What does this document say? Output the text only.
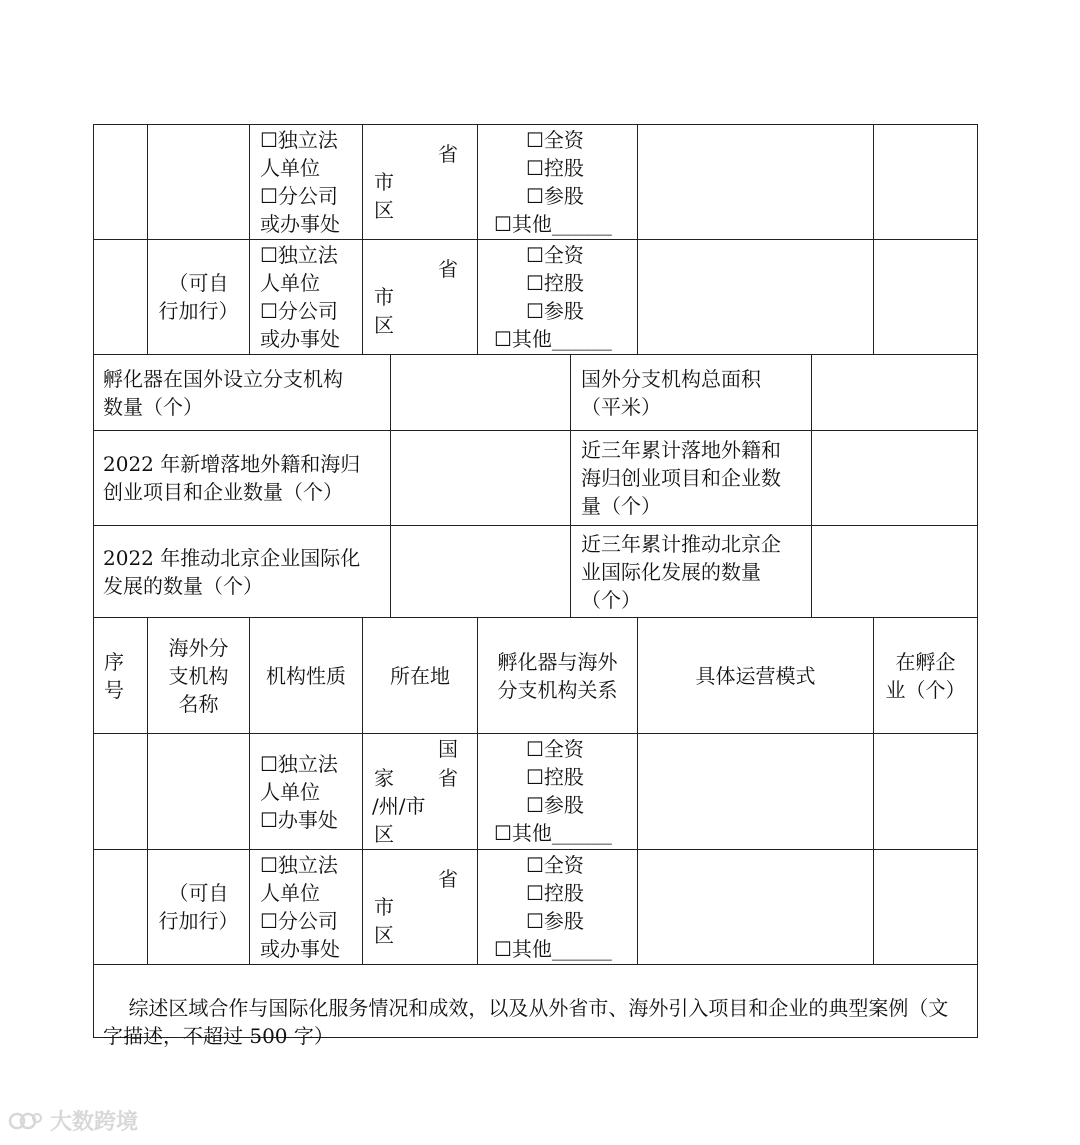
☐独立法
人单位
☐分公司
或办事处
省
市
区
☐全资
☐控股
☐参股
☐其他______
（可自
行加行）
☐独立法
人单位
☐分公司
或办事处
省
市
区
☐全资
☐控股
☐参股
☐其他______
孵化器在国外设立分支机构
数量（个）
国外分支机构总面积
（平米）
2022 年新增落地外籍和海归
创业项目和企业数量（个）
近三年累计落地外籍和
海归创业项目和企业数
量（个）
2022 年推动北京企业国际化
发展的数量（个）
近三年累计推动北京企
业国际化发展的数量
（个）
序
号
海外分
支机构
名称
机构性质 所在地
孵化器与海外
分支机构关系
具体运营模式
在孵企
业（个）
☐独立法
人单位
☐办事处
国
家 省
/州/市
区
☐全资
☐控股
☐参股
☐其他______
（可自
行加行）
☐独立法
人单位
☐分公司
或办事处
省
市
区
☐全资
☐控股
☐参股
☐其他______

综述区域合作与国际化服务情况和成效，以及从外省市、海外引入项目和企业的典型案例（文
字描述，不超过 500 字）

大数跨境
